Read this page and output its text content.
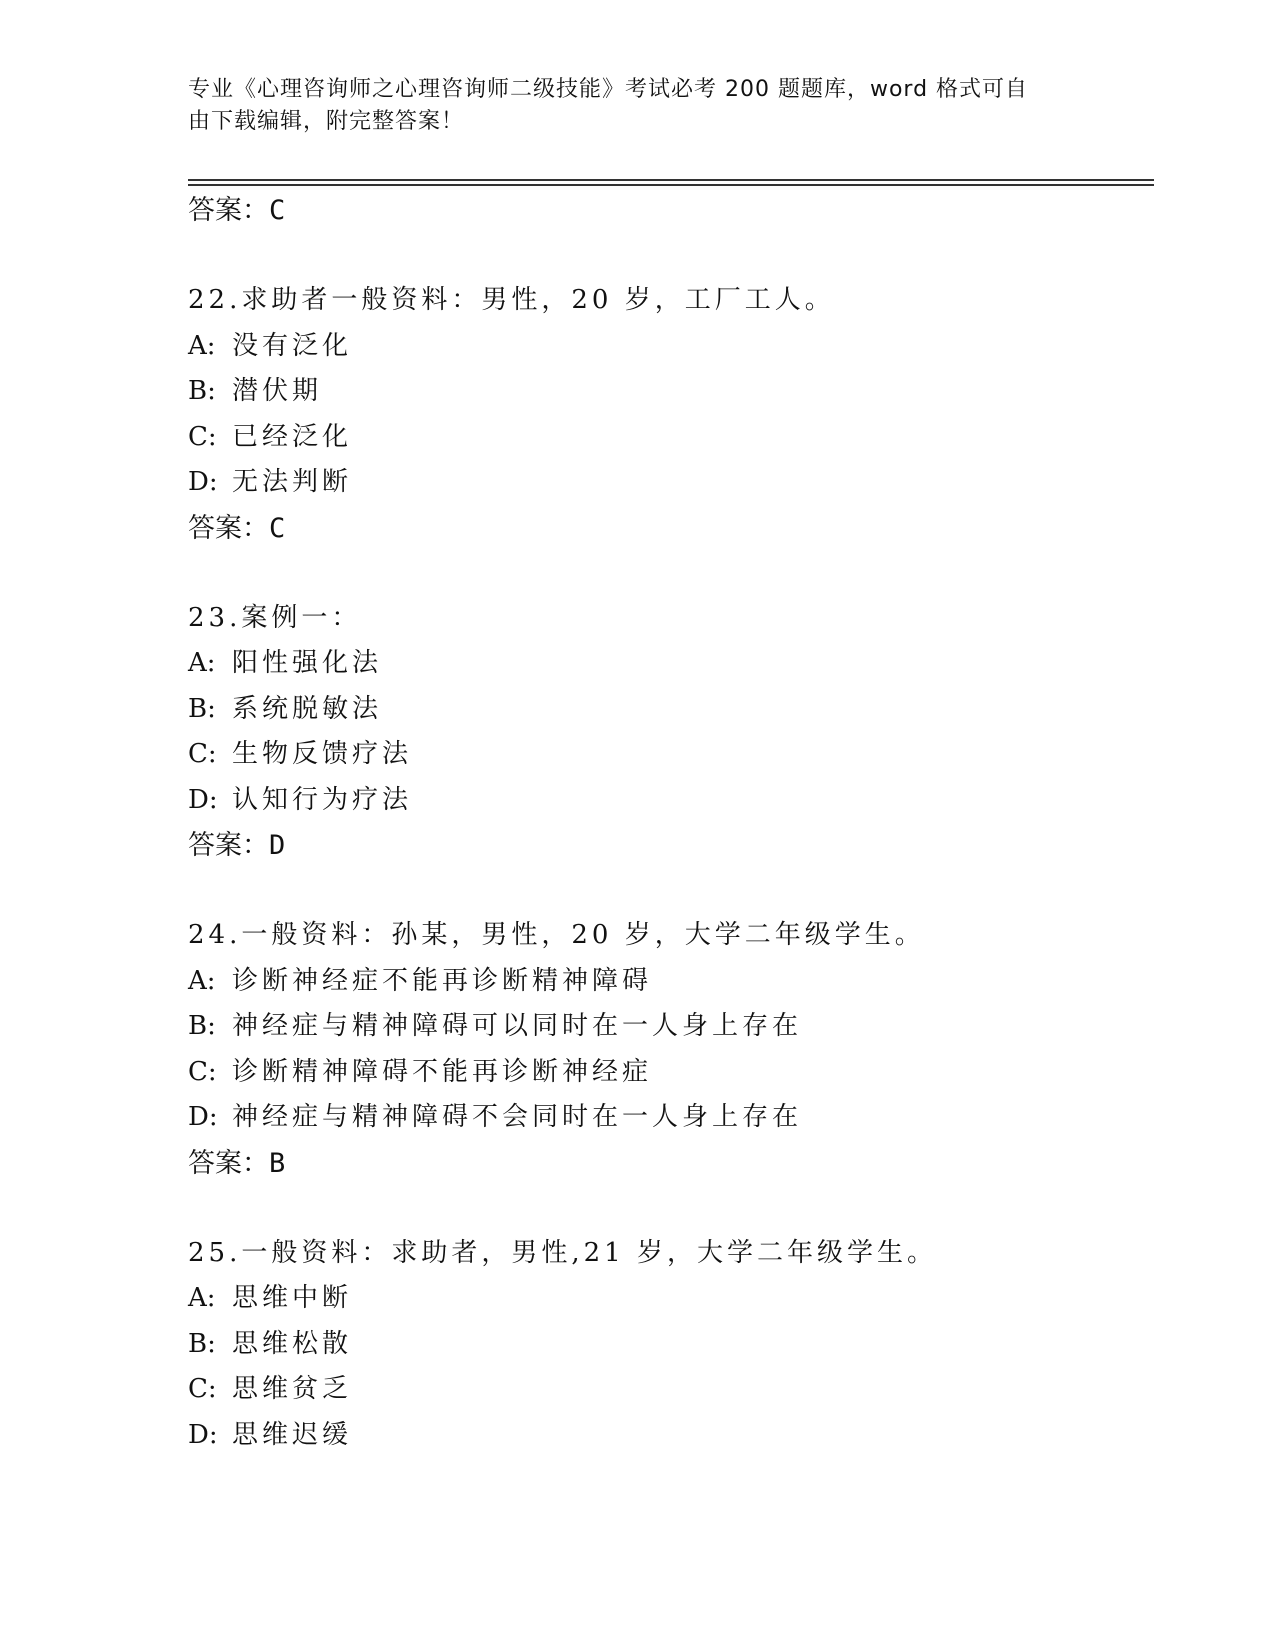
专业《心理咨询师之心理咨询师二级技能》考试必考 200 题题库，word 格式可自
由下载编辑，附完整答案！
答案：C
22.求助者一般资料：男性，20 岁，工厂工人。
A: 没有泛化
B: 潜伏期
C: 已经泛化
D: 无法判断
答案：C
23.案例一：
A: 阳性强化法
B: 系统脱敏法
C: 生物反馈疗法
D: 认知行为疗法
答案：D
24.一般资料：孙某，男性，20 岁，大学二年级学生。
A: 诊断神经症不能再诊断精神障碍
B: 神经症与精神障碍可以同时在一人身上存在
C: 诊断精神障碍不能再诊断神经症
D: 神经症与精神障碍不会同时在一人身上存在
答案：B
25.一般资料：求助者，男性,21 岁，大学二年级学生。
A: 思维中断
B: 思维松散
C: 思维贫乏
D: 思维迟缓
